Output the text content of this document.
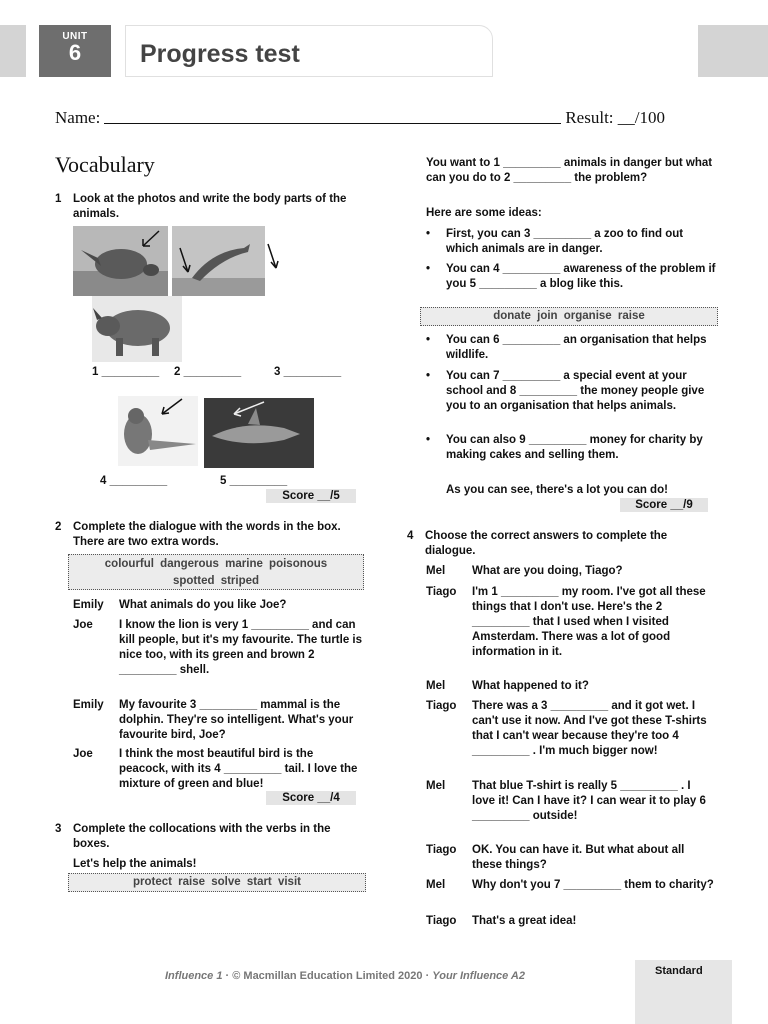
UNIT
6	Progress test
Name:	Result: __/100
Vocabulary
1 Look at the photos and write the body parts of the animals.
1 _________ 2 _________	3 _________
4 _________	5 _________
Score __/5
2 Complete the dialogue with the words in the box. There are two extra words.
colourful dangerous marine poisonous
spotted striped
Emily	What animals do you like Joe?
Joe	I know the lion is very 1 _________ and can kill people, but it's my favourite. The turtle is nice too, with its green and brown 2 _________ shell.
Emily	My favourite 3 _________ mammal is the dolphin. They're so intelligent. What's your favourite bird, Joe?
Joe	I think the most beautiful bird is the peacock, with its 4 _________ tail. I love the mixture of green and blue!
Score __/4
3 Complete the collocations with the verbs in the boxes.
Let's help the animals!
protect raise solve start visit
You want to 1 _________ animals in danger but what can you do to 2 _________ the problem?
Here are some ideas:
• First, you can 3 _________ a zoo to find out which animals are in danger.
• You can 4 _________ awareness of the problem if you 5 _________ a blog like this.
donate join organise raise
• You can 6 _________ an organisation that helps wildlife.
• You can 7 _________ a special event at your school and 8 _________ the money people give you to an organisation that helps animals.
• You can also 9 _________ money for charity by making cakes and selling them.
As you can see, there's a lot you can do!
Score __/9
4 Choose the correct answers to complete the dialogue.
Mel	What are you doing, Tiago?
Tiago	I'm 1 _________ my room. I've got all these things that I don't use. Here's the 2 _________ that I used when I visited Amsterdam. There was a lot of good information in it.
Mel	What happened to it?
Tiago	There was a 3 _________ and it got wet. I can't use it now. And I've got these T-shirts that I can't wear because they're too 4 _________ . I'm much bigger now!
Mel	That blue T-shirt is really 5 _________ . I love it! Can I have it? I can wear it to play 6 _________ outside!
Tiago	OK. You can have it. But what about all these things?
Mel	Why don't you 7 _________ them to charity?
Tiago	That's a great idea!
Influence 1 · © Macmillan Education Limited 2020 · Your Influence A2	Standard
